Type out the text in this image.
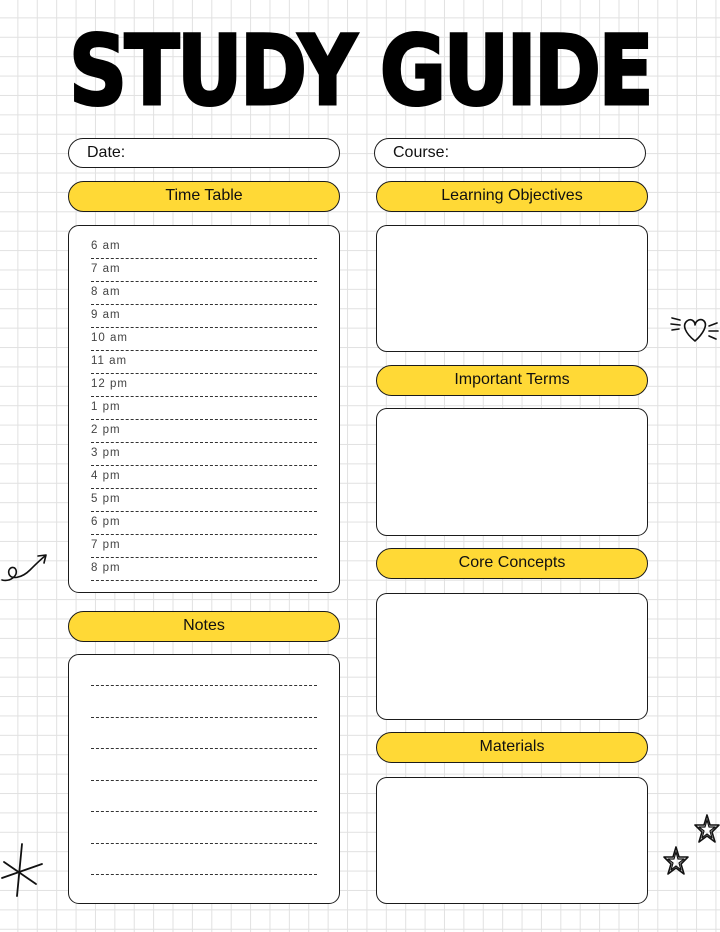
STUDY GUIDE
Date:	Course:
Time Table
6 am
7 am
8 am
9 am
10 am
11 am
12 pm
1 pm
2 pm
3 pm
4 pm
5 pm
6 pm
7 pm
8 pm
Notes
Learning Objectives
Important Terms
Core Concepts
Materials
